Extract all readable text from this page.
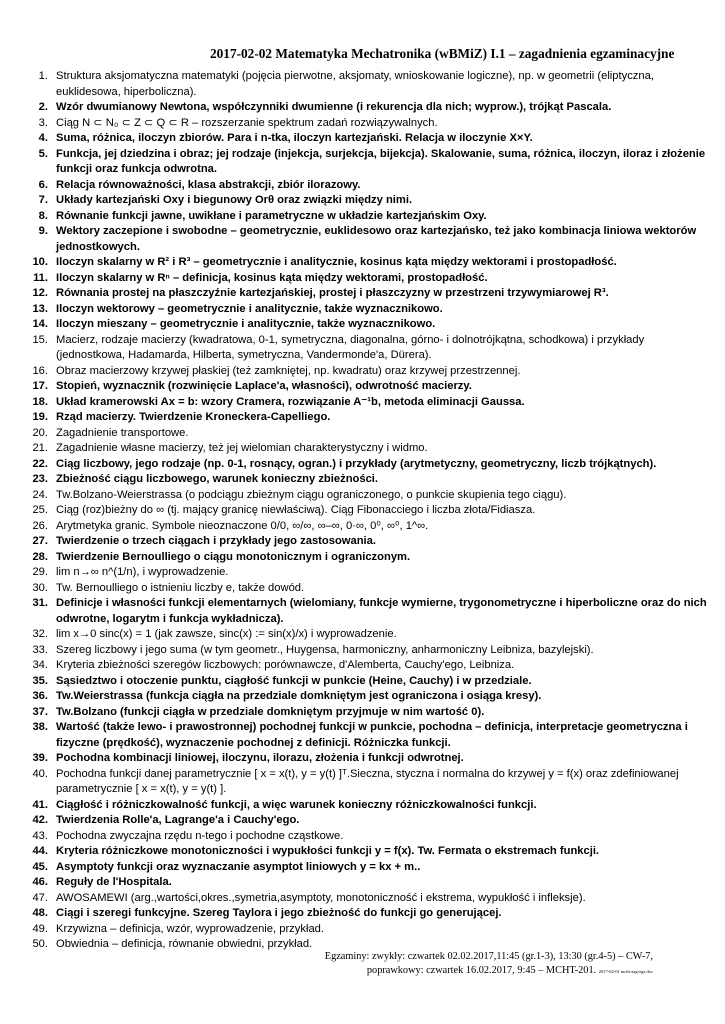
2017-02-02 Matematyka Mechatronika (wBMiZ) I.1 – zagadnienia egzaminacyjne
1. Struktura aksjomatyczna matematyki (pojęcia pierwotne, aksjomaty, wnioskowanie logiczne), np. w geometrii (eliptyczna, euklidesowa, hiperboliczna).
2. Wzór dwumianowy Newtona, współczynniki dwumienne (i rekurencja dla nich; wyprow.), trójkąt Pascala.
3. Ciąg N ⊂ N₀ ⊂ Z ⊂ Q ⊂ R – rozszerzanie spektrum zadań rozwiązywalnych.
4. Suma, różnica, iloczyn zbiorów. Para i n-tka, iloczyn kartezjański. Relacja w iloczynie X×Y.
5. Funkcja, jej dziedzina i obraz; jej rodzaje (injekcja, surjekcja, bijekcja). Skalowanie, suma, różnica, iloczyn, iloraz i złożenie funkcji oraz funkcja odwrotna.
6. Relacja równoważności, klasa abstrakcji, zbiór ilorazowy.
7. Układy kartezjański Oxy i biegunowy Orθ oraz związki między nimi.
8. Równanie funkcji jawne, uwikłane i parametryczne w układzie kartezjańskim Oxy.
9. Wektory zaczepione i swobodne – geometrycznie, euklidesowo oraz kartezjańsko, też jako kombinacja liniowa wektorów jednostkowych.
10. Iloczyn skalarny w R² i R³ – geometrycznie i analitycznie, kosinus kąta między wektorami i prostopadłość.
11. Iloczyn skalarny w Rⁿ – definicja, kosinus kąta między wektorami, prostopadłość.
12. Równania prostej na płaszczyźnie kartezjańskiej, prostej i płaszczyzny w przestrzeni trzywymiarowej R³.
13. Iloczyn wektorowy – geometrycznie i analitycznie, także wyznacznikowo.
14. Iloczyn mieszany – geometrycznie i analitycznie, także wyznacznikowo.
15. Macierz, rodzaje macierzy (kwadratowa, 0-1, symetryczna, diagonalna, górno- i dolnotrójkątna, schodkowa) i przykłady (jednostkowa, Hadamarda, Hilberta, symetryczna, Vandermonde'a, Dürera).
16. Obraz macierzowy krzywej płaskiej (też zamkniętej, np. kwadratu) oraz krzywej przestrzennej.
17. Stopień, wyznacznik (rozwinięcie Laplace'a, własności), odwrotność macierzy.
18. Układ kramerowski Ax = b: wzory Cramera, rozwiązanie A⁻¹b, metoda eliminacji Gaussa.
19. Rząd macierzy. Twierdzenie Kroneckera-Capelliego.
20. Zagadnienie transportowe.
21. Zagadnienie własne macierzy, też jej wielomian charakterystyczny i widmo.
22. Ciąg liczbowy, jego rodzaje (np. 0-1, rosnący, ogran.) i przykłady (arytmetyczny, geometryczny, liczb trójkątnych).
23. Zbieżność ciągu liczbowego, warunek konieczny zbieżności.
24. Tw.Bolzano-Weierstrassa (o podciągu zbieżnym ciągu ograniczonego, o punkcie skupienia tego ciągu).
25. Ciąg (roz)bieżny do ∞ (tj. mający granicę niewłaściwą). Ciąg Fibonacciego i liczba złota/Fidiasza.
26. Arytmetyka granic. Symbole nieoznaczone 0/0, ∞/∞, ∞–∞, 0·∞, 0⁰, ∞⁰, 1^∞.
27. Twierdzenie o trzech ciągach i przykłady jego zastosowania.
28. Twierdzenie Bernoulliego o ciągu monotonicznym i ograniczonym.
29. lim n→∞ n^(1/n), i wyprowadzenie.
30. Tw. Bernoulliego o istnieniu liczby e, także dowód.
31. Definicje i własności funkcji elementarnych (wielomiany, funkcje wymierne, trygonometryczne i hiperboliczne oraz do nich odwrotne, logarytm i funkcja wykładnicza).
32. lim x→0 sinc(x) = 1 (jak zawsze, sinc(x) := sin(x)/x) i wyprowadzenie.
33. Szereg liczbowy i jego suma (w tym geometr., Huygensa, harmoniczny, anharmoniczny Leibniza, bazylejski).
34. Kryteria zbieżności szeregów liczbowych: porównawcze, d'Alemberta, Cauchy'ego, Leibniza.
35. Sąsiedztwo i otoczenie punktu, ciągłość funkcji w punkcie (Heine, Cauchy) i w przedziale.
36. Tw.Weierstrassa (funkcja ciągła na przedziale domkniętym jest ograniczona i osiąga kresy).
37. Tw.Bolzano (funkcji ciągła w przedziale domkniętym przyjmuje w nim wartość 0).
38. Wartość (także lewo- i prawostronnej) pochodnej funkcji w punkcie, pochodna – definicja, interpretacje geometryczna i fizyczne (prędkość), wyznaczenie pochodnej z definicji. Różniczka funkcji.
39. Pochodna kombinacji liniowej, iloczynu, ilorazu, złożenia i funkcji odwrotnej.
40. Pochodna funkcji danej parametrycznie [ x = x(t), y = y(t) ]ᵀ.Sieczna, styczna i normalna do krzywej y = f(x) oraz zdefiniowanej parametrycznie [ x = x(t), y = y(t) ].
41. Ciągłość i różniczkowalność funkcji, a więc warunek konieczny różniczkowalności funkcji.
42. Twierdzenia Rolle'a, Lagrange'a i Cauchy'ego.
43. Pochodna zwyczajna rzędu n-tego i pochodne cząstkowe.
44. Kryteria różniczkowe monotoniczności i wypukłości funkcji y = f(x). Tw. Fermata o ekstremach funkcji.
45. Asymptoty funkcji oraz wyznaczanie asymptot liniowych y = kx + m..
46. Reguły de l'Hospitala.
47. AWOSAMEWI (arg.,wartości,okres.,symetria,asymptoty, monotoniczność i ekstrema, wypukłość i infleksje).
48. Ciągi i szeregi funkcyjne. Szereg Taylora i jego zbieżność do funkcji go generującej.
49. Krzywizna – definicja, wzór, wyprowadzenie, przykład.
50. Obwiednia – definicja, równanie obwiedni, przykład.
Egzaminy: zwykły: czwartek 02.02.2017,11:45 (gr.1-3), 13:30 (gr.4-5) – CW-7,
poprawkowy: czwartek 16.02.2017, 9:45 – MCHT-201. 2017-02-01 mcht-zag-egz.doc
